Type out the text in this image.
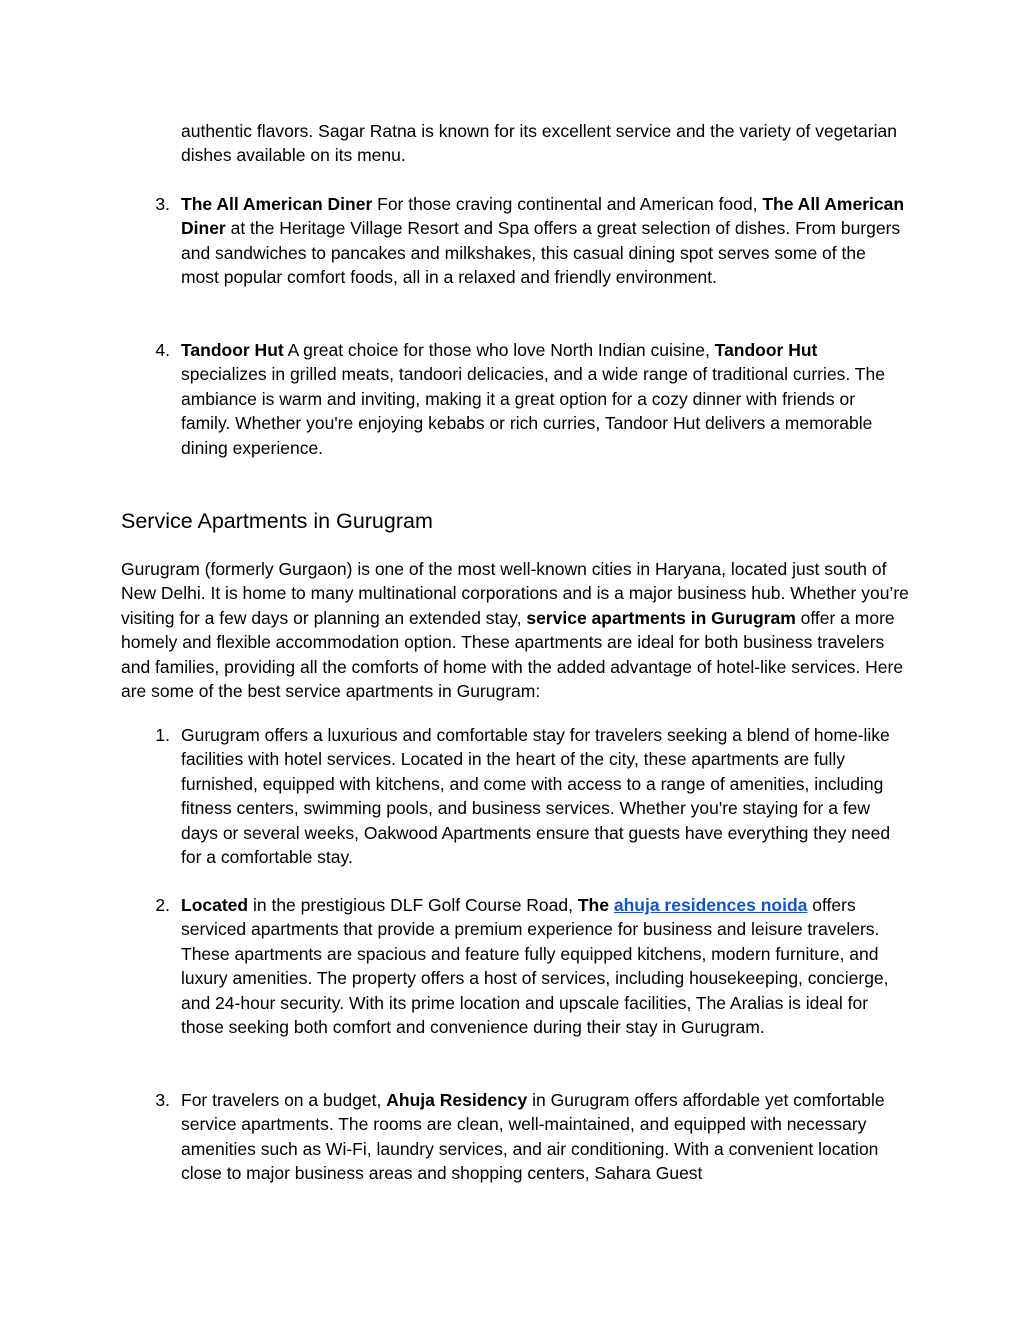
authentic flavors. Sagar Ratna is known for its excellent service and the variety of vegetarian dishes available on its menu.

3. The All American Diner For those craving continental and American food, The All American Diner at the Heritage Village Resort and Spa offers a great selection of dishes. From burgers and sandwiches to pancakes and milkshakes, this casual dining spot serves some of the most popular comfort foods, all in a relaxed and friendly environment.
4. Tandoor Hut A great choice for those who love North Indian cuisine, Tandoor Hut specializes in grilled meats, tandoori delicacies, and a wide range of traditional curries. The ambiance is warm and inviting, making it a great option for a cozy dinner with friends or family. Whether you're enjoying kebabs or rich curries, Tandoor Hut delivers a memorable dining experience.
Service Apartments in Gurugram

Gurugram (formerly Gurgaon) is one of the most well-known cities in Haryana, located just south of New Delhi. It is home to many multinational corporations and is a major business hub. Whether you’re visiting for a few days or planning an extended stay, service apartments in Gurugram offer a more homely and flexible accommodation option. These apartments are ideal for both business travelers and families, providing all the comforts of home with the added advantage of hotel-like services. Here are some of the best service apartments in Gurugram:

1. Gurugram offers a luxurious and comfortable stay for travelers seeking a blend of home-like facilities with hotel services. Located in the heart of the city, these apartments are fully furnished, equipped with kitchens, and come with access to a range of amenities, including fitness centers, swimming pools, and business services. Whether you're staying for a few days or several weeks, Oakwood Apartments ensure that guests have everything they need for a comfortable stay.
2. Located in the prestigious DLF Golf Course Road, The ahuja residences noida offers serviced apartments that provide a premium experience for business and leisure travelers. These apartments are spacious and feature fully equipped kitchens, modern furniture, and luxury amenities. The property offers a host of services, including housekeeping, concierge, and 24-hour security. With its prime location and upscale facilities, The Aralias is ideal for those seeking both comfort and convenience during their stay in Gurugram.
3. For travelers on a budget, Ahuja Residency in Gurugram offers affordable yet comfortable service apartments. The rooms are clean, well-maintained, and equipped with necessary amenities such as Wi-Fi, laundry services, and air conditioning. With a convenient location close to major business areas and shopping centers, Sahara Guest
